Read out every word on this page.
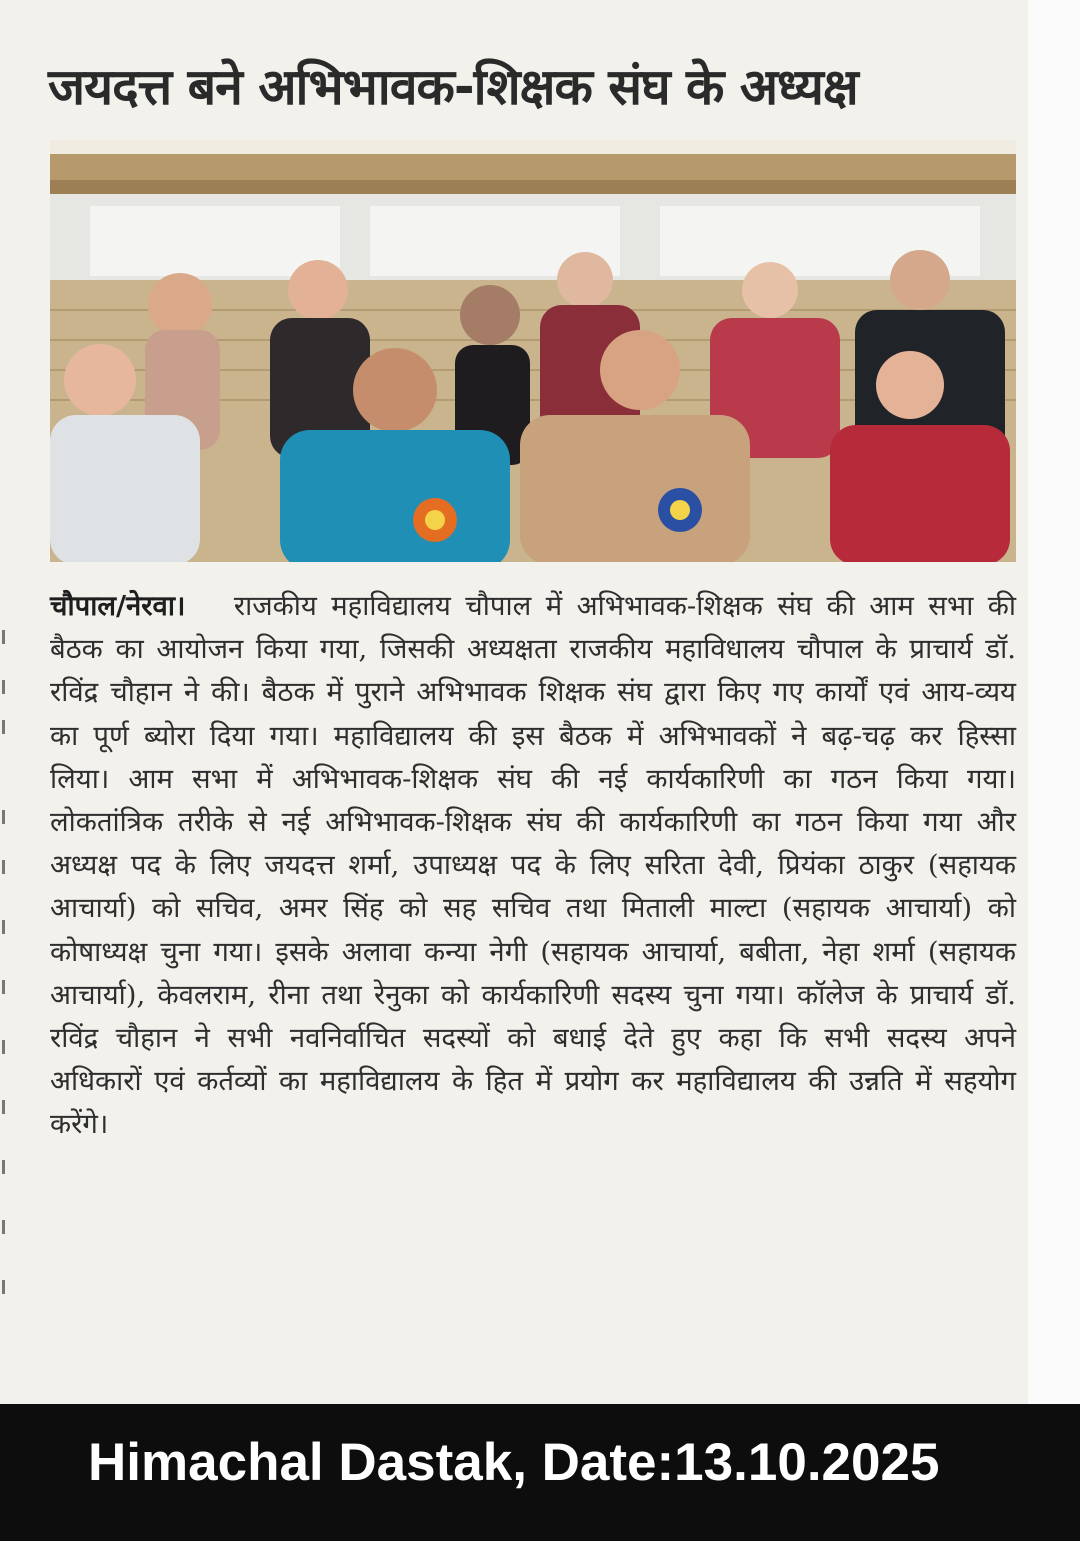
जयदत्त बने अभिभावक-शिक्षक संघ के अध्यक्ष
चौपाल/नेरवा। राजकीय महाविद्यालय चौपाल में अभिभावक-शिक्षक संघ की आम सभा की बैठक का आयोजन किया गया, जिसकी अध्यक्षता राजकीय महाविधालय चौपाल के प्राचार्य डॉ. रविंद्र चौहान ने की। बैठक में पुराने अभिभावक शिक्षक संघ द्वारा किए गए कार्यों एवं आय-व्यय का पूर्ण ब्योरा दिया गया। महाविद्यालय की इस बैठक में अभिभावकों ने बढ़-चढ़ कर हिस्सा लिया। आम सभा में अभिभावक-शिक्षक संघ की नई कार्यकारिणी का गठन किया गया। लोकतांत्रिक तरीके से नई अभिभावक-शिक्षक संघ की कार्यकारिणी का गठन किया गया और अध्यक्ष पद के लिए जयदत्त शर्मा, उपाध्यक्ष पद के लिए सरिता देवी, प्रियंका ठाकुर (सहायक आचार्या) को सचिव, अमर सिंह को सह सचिव तथा मिताली माल्टा (सहायक आचार्या) को कोषाध्यक्ष चुना गया। इसके अलावा कन्या नेगी (सहायक आचार्या, बबीता, नेहा शर्मा (सहायक आचार्या), केवलराम, रीना तथा रेनुका को कार्यकारिणी सदस्य चुना गया। कॉलेज के प्राचार्य डॉ. रविंद्र चौहान ने सभी नवनिर्वाचित सदस्यों को बधाई देते हुए कहा कि सभी सदस्य अपने अधिकारों एवं कर्तव्यों का महाविद्यालय के हित में प्रयोग कर महाविद्यालय की उन्नति में सहयोग करेंगे।
Himachal Dastak, Date:13.10.2025
